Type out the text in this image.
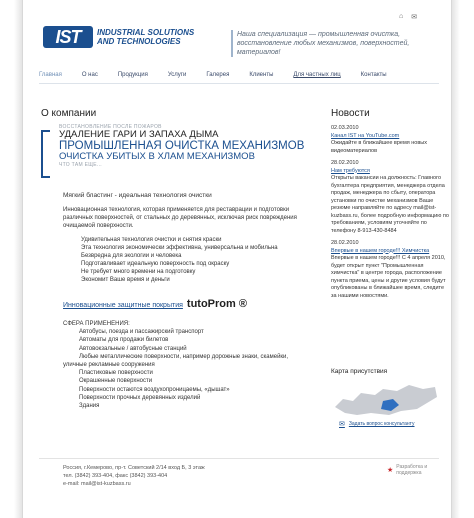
⌂ ✉
IST	INDUSTRIAL SOLUTIONS
AND TECHNOLOGIES
Наша специализация — промышленная очистка, восстановление любых механизмов, поверхностей, материалов!
Главная	О нас	Продукция	Услуги	Галерея	Клиенты	Для частных лиц	Контакты
О компании
ВОССТАНОВЛЕНИЕ ПОСЛЕ ПОЖАРОВ
УДАЛЕНИЕ ГАРИ И ЗАПАХА ДЫМА
ПРОМЫШЛЕННАЯ ОЧИСТКА МЕХАНИЗМОВ
ОЧИСТКА УБИТЫХ В ХЛАМ МЕХАНИЗМОВ
ЧТО ТАМ ЕЩЕ...
Мягкий бластинг - идеальная технология очистки
Инновационная технология, которая применяется для реставрации и подготовки различных поверхностей, от стальных до деревянных, исключая риск повреждения очищаемой поверхности.
Удивительная технология очистки и снятия краски
Эта технология экономически эффективна, универсальна и мобильна
Безвредна для экологии и человека
Подготавливает идеальную поверхность под окраску
Не требует много времени на подготовку
Экономит Ваше время и деньги
Инновационные защитные покрытия tutoProm ®
СФЕРА ПРИМЕНЕНИЯ:
Автобусы, поезда и пассажирский транспорт
Автоматы для продажи билетов
Автовокзальные / автобусные станций
Любые металлические поверхности, например дорожные знаки, скамейки,
уличные рекламные сооружения
Пластиковые поверхности
Окрашенные поверхности
Поверхности остаются воздухопроницаемы, «дышат»
Поверхности прочных деревянных изделий
Здания
Россия, г.Кемерово, пр-т. Советский 2/14 вход Б, 3 этаж
тел. (3842) 393-404, факс (3842) 393-404
e-mail: mail@ist-kuzbass.ru
Новости
02.03.2010
Канал IST на YouTube.com
Ожидайте в ближайшее время новых видеоматериалов
28.02.2010
Нам требуются
Открыты вакансии на должность: Главного бухгалтера предприятия, менеджера отдела продаж, менеджера по сбыту, оператора установки по очистке механизмов Ваше резюме направляйте по адресу mail@ist-kuzbass.ru, более подробную информацию по требованиям, условиям уточняйте по телефону 8-913-430-8484
28.02.2010
Впервые в нашем городе!!! Химчистка
Впервые в нашем городе!!! С 4 апреля 2010, будет открыт пункт "Промышленная химчистка" в центре города, расположение пункта приема, цены и другие условия будут опубликованы в ближайшее время, следите за нашими новостями.
Карта присутствия
✉ Задать вопрос консультанту
★ Разработка и поддержка
